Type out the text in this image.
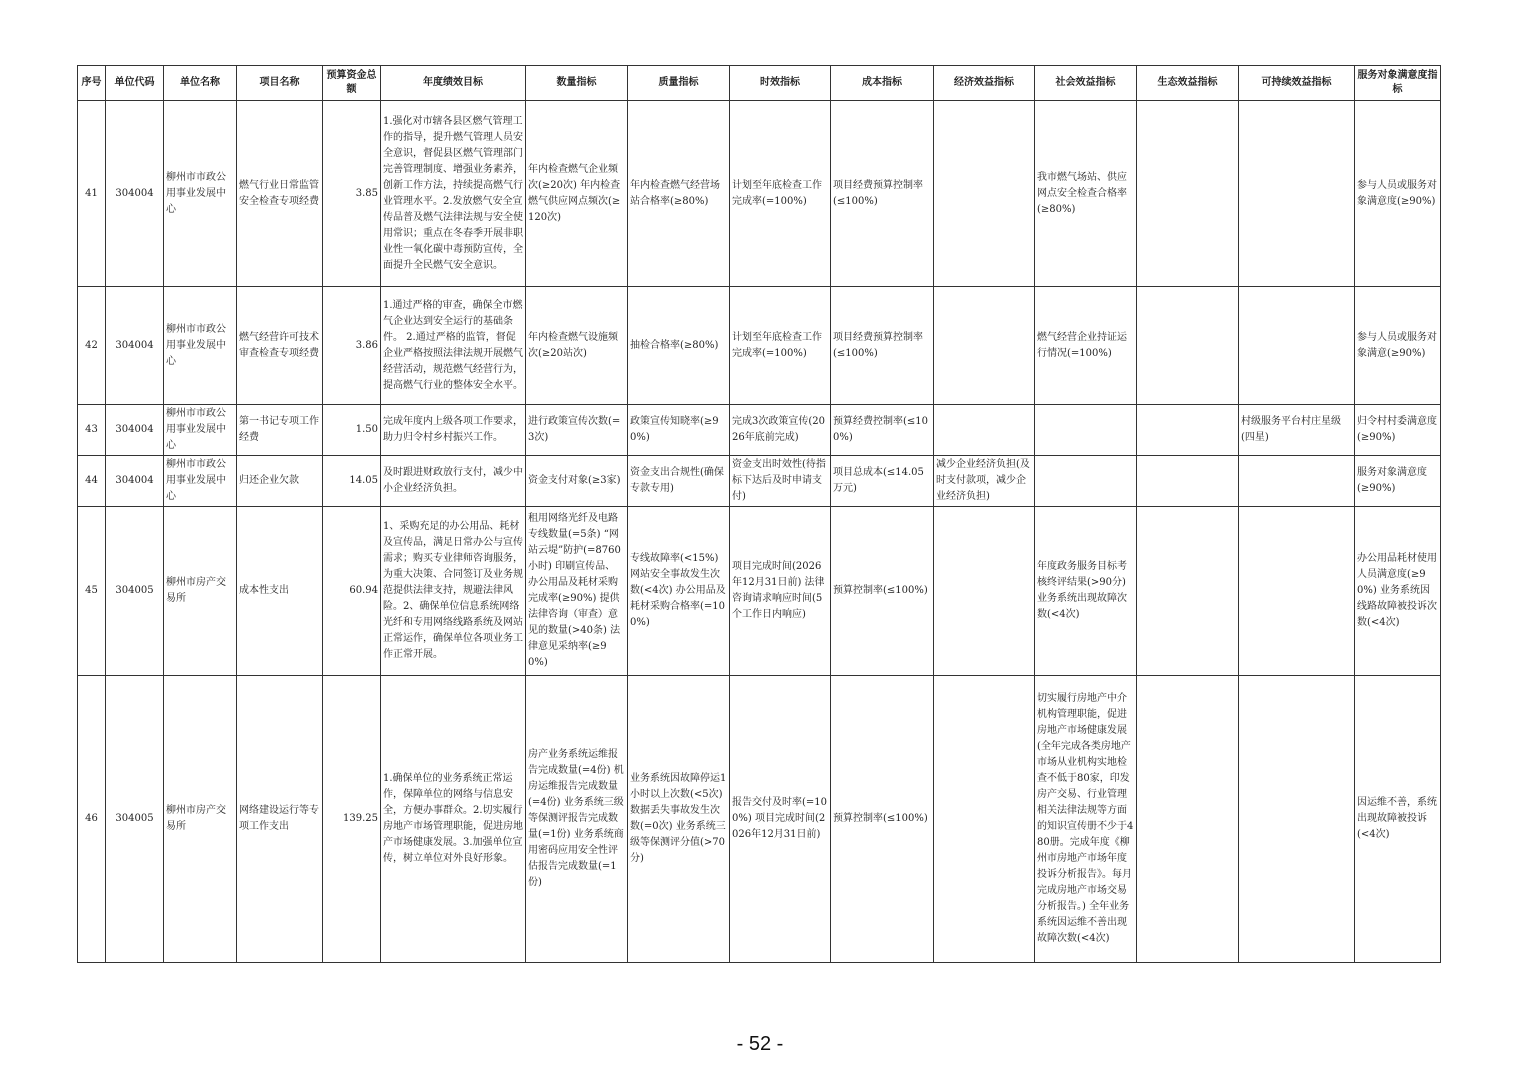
序号	单位代码	单位名称	项目名称	预算资金总额	年度绩效目标	数量指标	质量指标	时效指标	成本指标	经济效益指标	社会效益指标	生态效益指标	可持续效益指标	服务对象满意度指标
41	304004	柳州市市政公用事业发展中心	燃气行业日常监管安全检查专项经费	3.85	1.强化对市辖各县区燃气管理工作的指导，提升燃气管理人员安全意识，督促县区燃气管理部门完善管理制度、增强业务素养，创新工作方法，持续提高燃气行业管理水平。2.发放燃气安全宣传品普及燃气法律法规与安全使用常识；重点在冬春季开展非职业性一氧化碳中毒预防宣传，全面提升全民燃气安全意识。	年内检查燃气企业频次(≥20次) 年内检查燃气供应网点频次(≥120次)	年内检查燃气经营场站合格率(≥80%)	计划至年底检查工作完成率(=100%)	项目经费预算控制率(≤100%)		我市燃气场站、供应网点安全检查合格率(≥80%)			参与人员或服务对象满意度(≥90%)
42	304004	柳州市市政公用事业发展中心	燃气经营许可技术审查检查专项经费	3.86	1.通过严格的审查，确保全市燃气企业达到安全运行的基础条件。 2.通过严格的监管，督促企业严格按照法律法规开展燃气经营活动，规范燃气经营行为，提高燃气行业的整体安全水平。	年内检查燃气设施频次(≥20站次)	抽检合格率(≥80%)	计划至年底检查工作完成率(=100%)	项目经费预算控制率(≤100%)		燃气经营企业持证运行情况(=100%)			参与人员或服务对象满意(≥90%)
43	304004	柳州市市政公用事业发展中心	第一书记专项工作经费	1.50	完成年度内上级各项工作要求，助力归令村乡村振兴工作。	进行政策宣传次数(=3次)	政策宣传知晓率(≥90%)	完成3次政策宣传(2026年底前完成)	预算经费控制率(≤100%)				村级服务平台村庄星级(四星)	归令村村委满意度(≥90%)
44	304004	柳州市市政公用事业发展中心	归还企业欠款	14.05	及时跟进财政放行支付，减少中小企业经济负担。	资金支付对象(≥3家)	资金支出合规性(确保专款专用)	资金支出时效性(待指标下达后及时申请支付)	项目总成本(≤14.05万元)	减少企业经济负担(及时支付款项，减少企业经济负担)				服务对象满意度(≥90%)
45	304005	柳州市房产交易所	成本性支出	60.94	1、采购充足的办公用品、耗材及宣传品，满足日常办公与宣传需求；购买专业律师咨询服务，为重大决策、合同签订及业务规范提供法律支持，规避法律风险。2、确保单位信息系统网络光纤和专用网络线路系统及网站正常运作，确保单位各项业务工作正常开展。	租用网络光纤及电路专线数量(=5条) “网站云堤”防护(=8760小时) 印刷宣传品、办公用品及耗材采购完成率(≥90%) 提供法律咨询（审查）意见的数量(>40条) 法律意见采纳率(≥90%)	专线故障率(<15%) 网站安全事故发生次数(<4次) 办公用品及耗材采购合格率(=100%)	项目完成时间(2026年12月31日前) 法律咨询请求响应时间(5个工作日内响应)	预算控制率(≤100%)		年度政务服务目标考核终评结果(>90分) 业务系统出现故障次数(<4次)			办公用品耗材使用人员满意度(≥90%) 业务系统因线路故障被投诉次数(<4次)
46	304005	柳州市房产交易所	网络建设运行等专项工作支出	139.25	1.确保单位的业务系统正常运作，保障单位的网络与信息安全，方便办事群众。2.切实履行房地产市场管理职能，促进房地产市场健康发展。3.加强单位宣传，树立单位对外良好形象。	房产业务系统运维报告完成数量(=4份) 机房运维报告完成数量(=4份) 业务系统三级等保测评报告完成数量(=1份) 业务系统商用密码应用安全性评估报告完成数量(=1份)	业务系统因故障停运1小时以上次数(<5次) 数据丢失事故发生次数(=0次) 业务系统三级等保测评分值(>70分)	报告交付及时率(=100%) 项目完成时间(2026年12月31日前)	预算控制率(≤100%)		切实履行房地产中介机构管理职能，促进房地产市场健康发展(全年完成各类房地产市场从业机构实地检查不低于80家，印发房产交易、行业管理相关法律法规等方面的知识宣传册不少于480册。完成年度《柳州市房地产市场年度投诉分析报告》。每月完成房地产市场交易分析报告。) 全年业务系统因运维不善出现故障次数(<4次)			因运维不善，系统出现故障被投诉(<4次)
- 52 -
